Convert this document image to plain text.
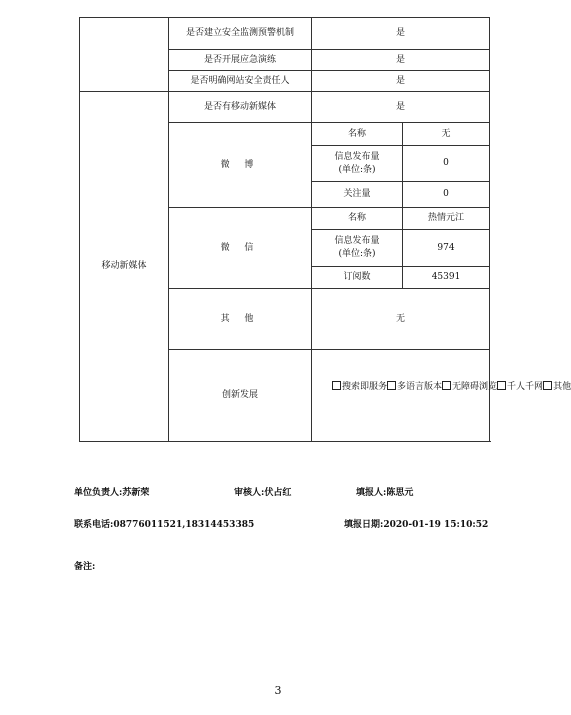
	是否建立安全监测预警机制	是	
	是否开展应急演练	是	
	是否明确网站安全责任人	是	
移动新媒体	是否有移动新媒体	是	
	微 博	名称	无
		信息发布量
(单位:条)	0
		关注量	0
	微 信	名称	热情元江
		信息发布量
(单位:条)	974
		订阅数	45391
	其 他	无	
	创新发展	搜索即服务 多语言版本 无障碍浏览 千人千网 其他	
单位负责人:苏新荣	审核人:伏占红	填报人:陈思元
联系电话:08776011521,18314453385	填报日期:2020-01-19 15:10:52
备注:
3
